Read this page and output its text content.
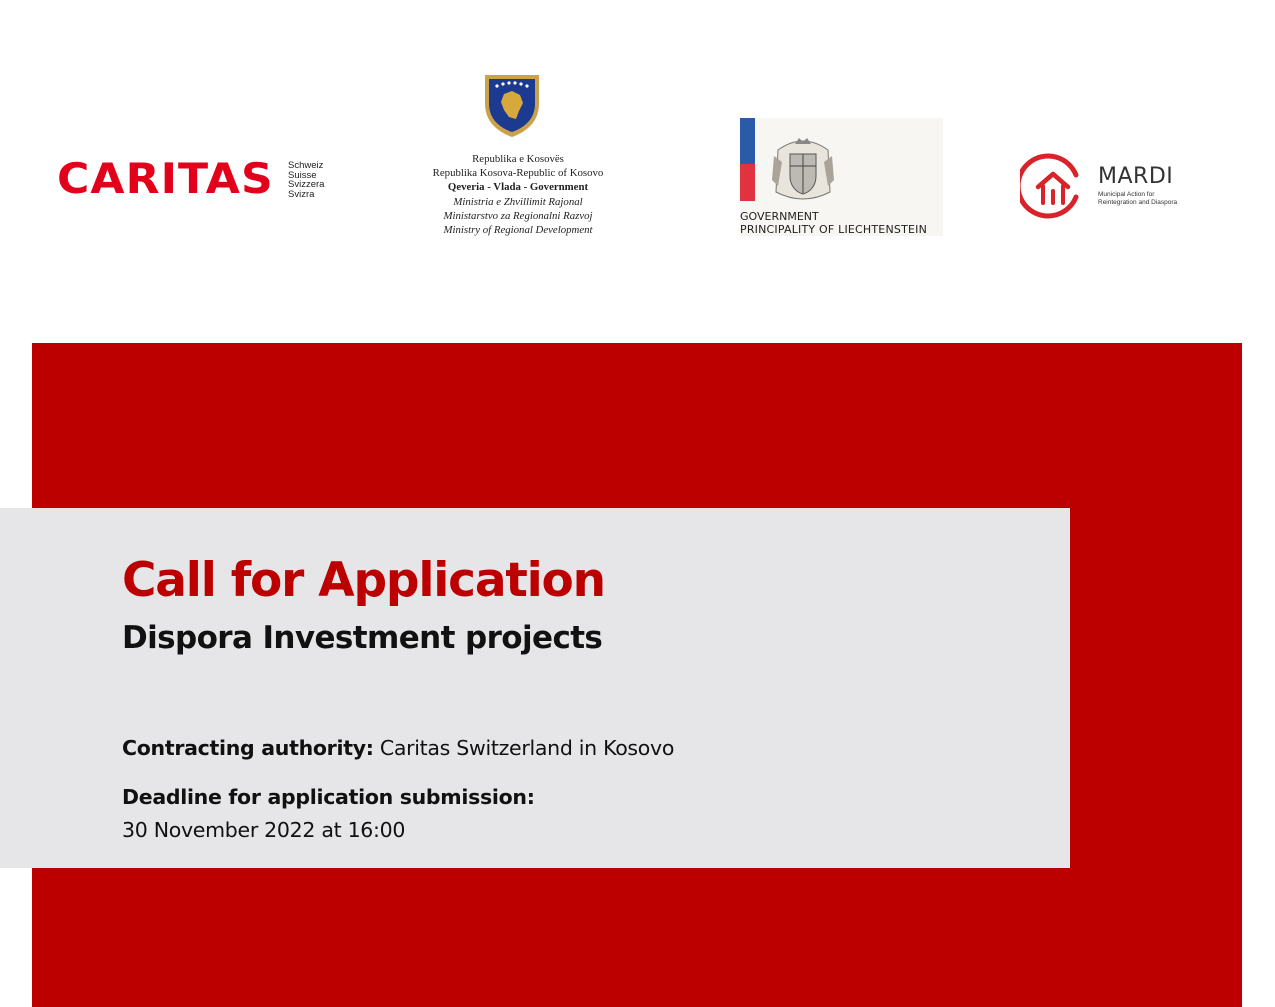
CARITAS Schweiz
Suisse
Svizzera
Svizra
Republika e Kosovës
Republika Kosova-Republic of Kosovo
Qeveria - Vlada - Government
Ministria e Zhvillimit Rajonal
Ministarstvo za Regionalni Razvoj
Ministry of Regional Development
GOVERNMENT
PRINCIPALITY OF LIECHTENSTEIN
MARDI
Municipal Action for
Reintegration and Diaspora
Call for Application
Dispora Investment projects
Contracting authority: Caritas Switzerland in Kosovo
Deadline for application submission:
30 November 2022 at 16:00
